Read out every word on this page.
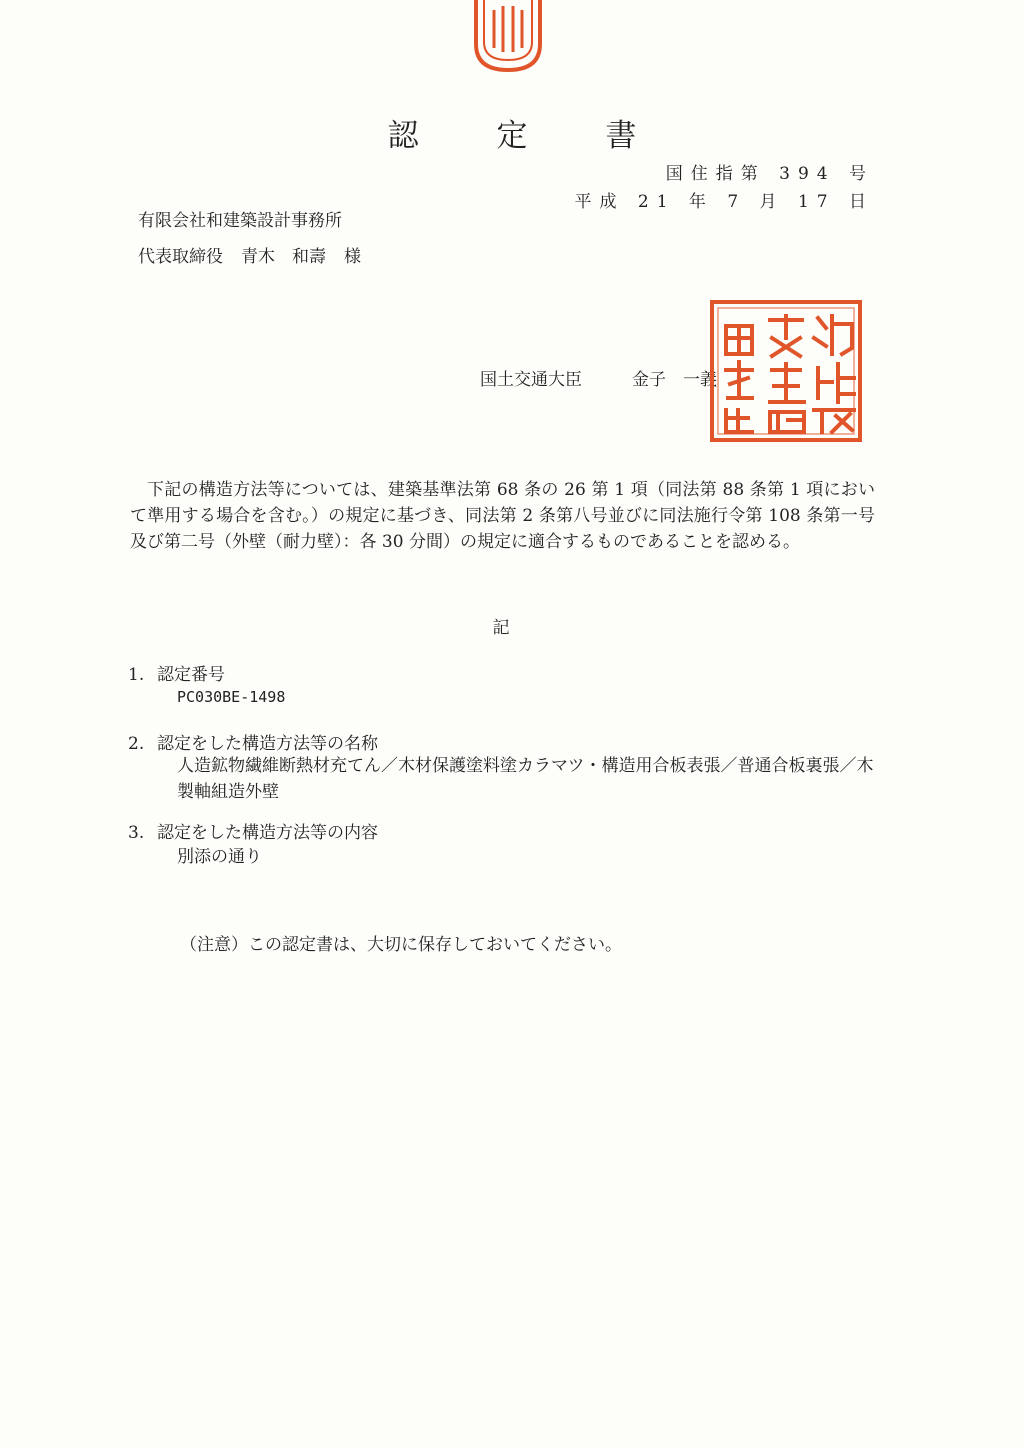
認 定 書
国住指第 394 号
平成 21 年 7 月 17 日
有限会社和建築設計事務所
代表取締役 青木　和壽 様
国土交通大臣	金子　一義
下記の構造方法等については、建築基準法第 68 条の 26 第 1 項（同法第 88 条第 1 項において準用する場合を含む。）の規定に基づき、同法第 2 条第八号並びに同法施行令第 108 条第一号及び第二号（外壁（耐力壁）：各 30 分間）の規定に適合するものであることを認める。
記
1. 認定番号
PC030BE-1498
2. 認定をした構造方法等の名称
人造鉱物繊維断熱材充てん／木材保護塗料塗カラマツ・構造用合板表張／普通合板裏張／木製軸組造外壁
3. 認定をした構造方法等の内容
別添の通り
（注意）この認定書は、大切に保存しておいてください。
